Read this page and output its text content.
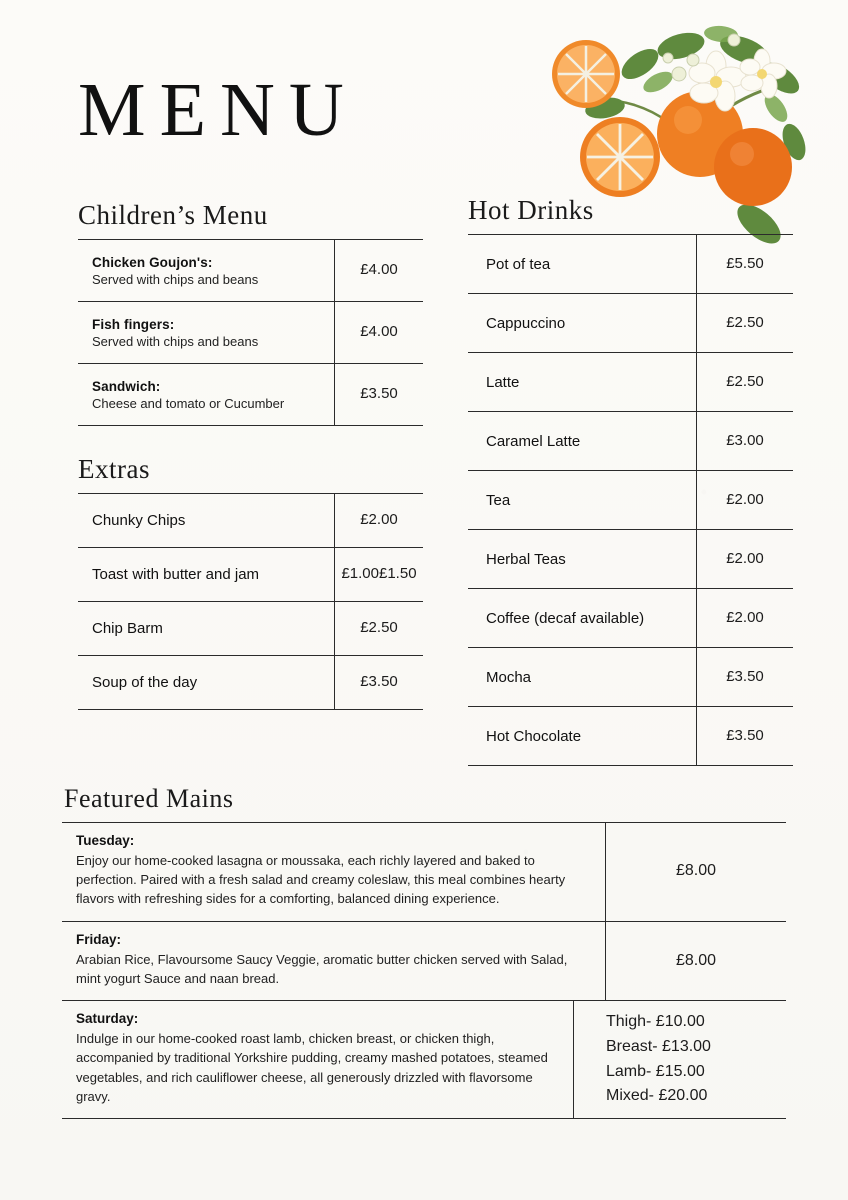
MENU
Children’s Menu
Chicken Goujon's:
Served with chips and beans
£4.00
Fish fingers:
Served with chips and beans
£4.00
Sandwich:
Cheese and tomato or Cucumber
£3.50
Extras
Chunky Chips	£2.00
Toast with butter and jam	£1.00 £1.50
Chip Barm	£2.50
Soup of the day	£3.50
Hot Drinks
Pot of tea	£5.50
Cappuccino	£2.50
Latte	£2.50
Caramel Latte	£3.00
Tea	£2.00
Herbal Teas	£2.00
Coffee (decaf available)	£2.00
Mocha	£3.50
Hot Chocolate	£3.50
Featured Mains
Tuesday:
Enjoy our home-cooked lasagna or moussaka, each richly layered and baked to perfection. Paired with a fresh salad and creamy coleslaw, this meal combines hearty flavors with refreshing sides for a comforting, balanced dining experience.
£8.00
Friday:
Arabian Rice, Flavoursome Saucy Veggie, aromatic butter chicken served with Salad, mint yogurt Sauce and naan bread.
£8.00
Saturday:
Indulge in our home-cooked roast lamb, chicken breast, or chicken thigh, accompanied by traditional Yorkshire pudding, creamy mashed potatoes, steamed vegetables, and rich cauliflower cheese, all generously drizzled with flavorsome gravy.
Thigh- £10.00
Breast- £13.00
Lamb- £15.00
Mixed- £20.00
